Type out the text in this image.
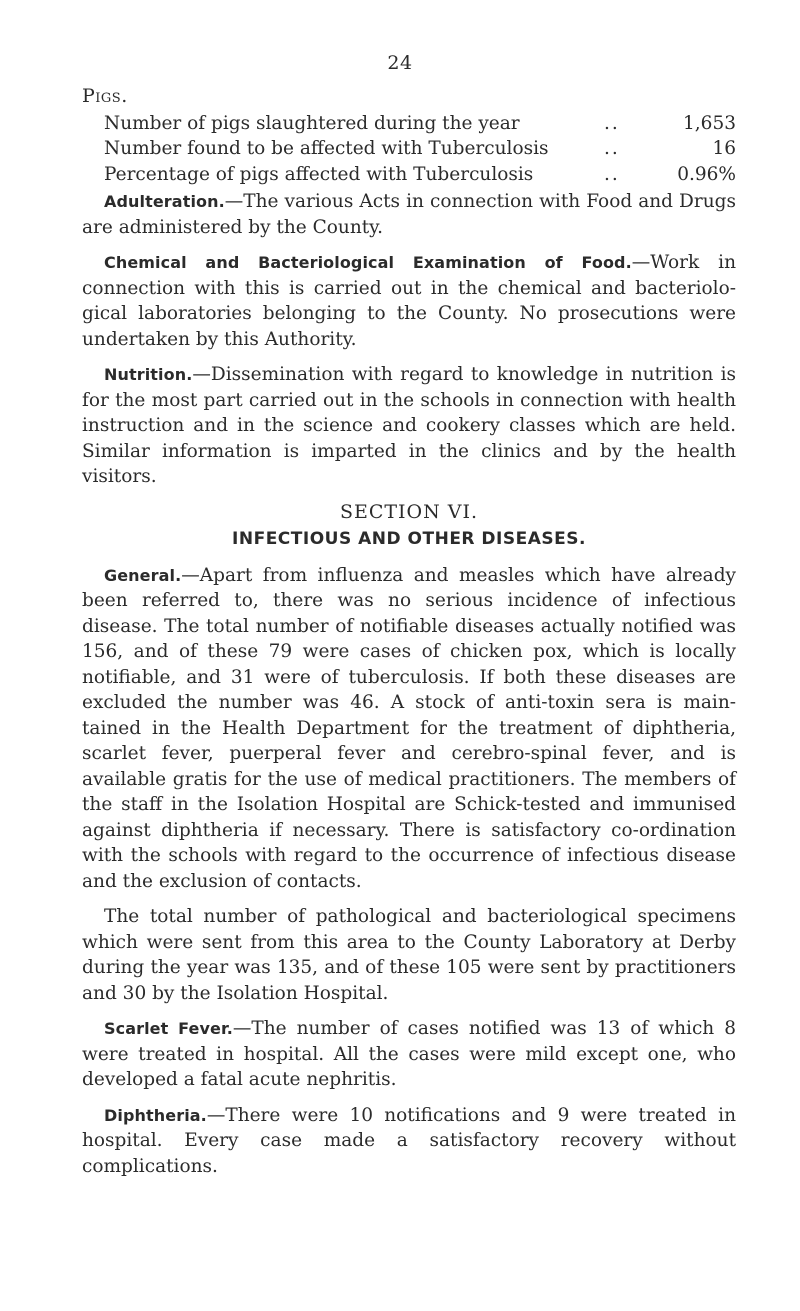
24
Pigs.
Number of pigs slaughtered during the year	..	1,653
Number found to be affected with Tuberculosis	..	16
Percentage of pigs affected with Tuberculosis	..	0.96%

Adulteration.—The various Acts in connection with Food and Drugs are administered by the County.

Chemical and Bacteriological Examination of Food.—Work in connection with this is carried out in the chemical and bacteriolo-gical laboratories belonging to the County. No prosecutions were undertaken by this Authority.

Nutrition.—Dissemination with regard to knowledge in nutrition is for the most part carried out in the schools in connection with health instruction and in the science and cookery classes which are held. Similar information is imparted in the clinics and by the health visitors.

SECTION VI.
INFECTIOUS AND OTHER DISEASES.

General.—Apart from influenza and measles which have already been referred to, there was no serious incidence of infectious disease. The total number of notifiable diseases actually notified was 156, and of these 79 were cases of chicken pox, which is locally notifiable, and 31 were of tuberculosis. If both these diseases are excluded the number was 46. A stock of anti-toxin sera is main-tained in the Health Department for the treatment of diphtheria, scarlet fever, puerperal fever and cerebro-spinal fever, and is available gratis for the use of medical practitioners. The members of the staff in the Isolation Hospital are Schick-tested and immunised against diphtheria if necessary. There is satisfactory co-ordination with the schools with regard to the occurrence of infectious disease and the exclusion of contacts.

The total number of pathological and bacteriological specimens which were sent from this area to the County Laboratory at Derby during the year was 135, and of these 105 were sent by practitioners and 30 by the Isolation Hospital.

Scarlet Fever.—The number of cases notified was 13 of which 8 were treated in hospital. All the cases were mild except one, who developed a fatal acute nephritis.

Diphtheria.—There were 10 notifications and 9 were treated in hospital. Every case made a satisfactory recovery without complications.
